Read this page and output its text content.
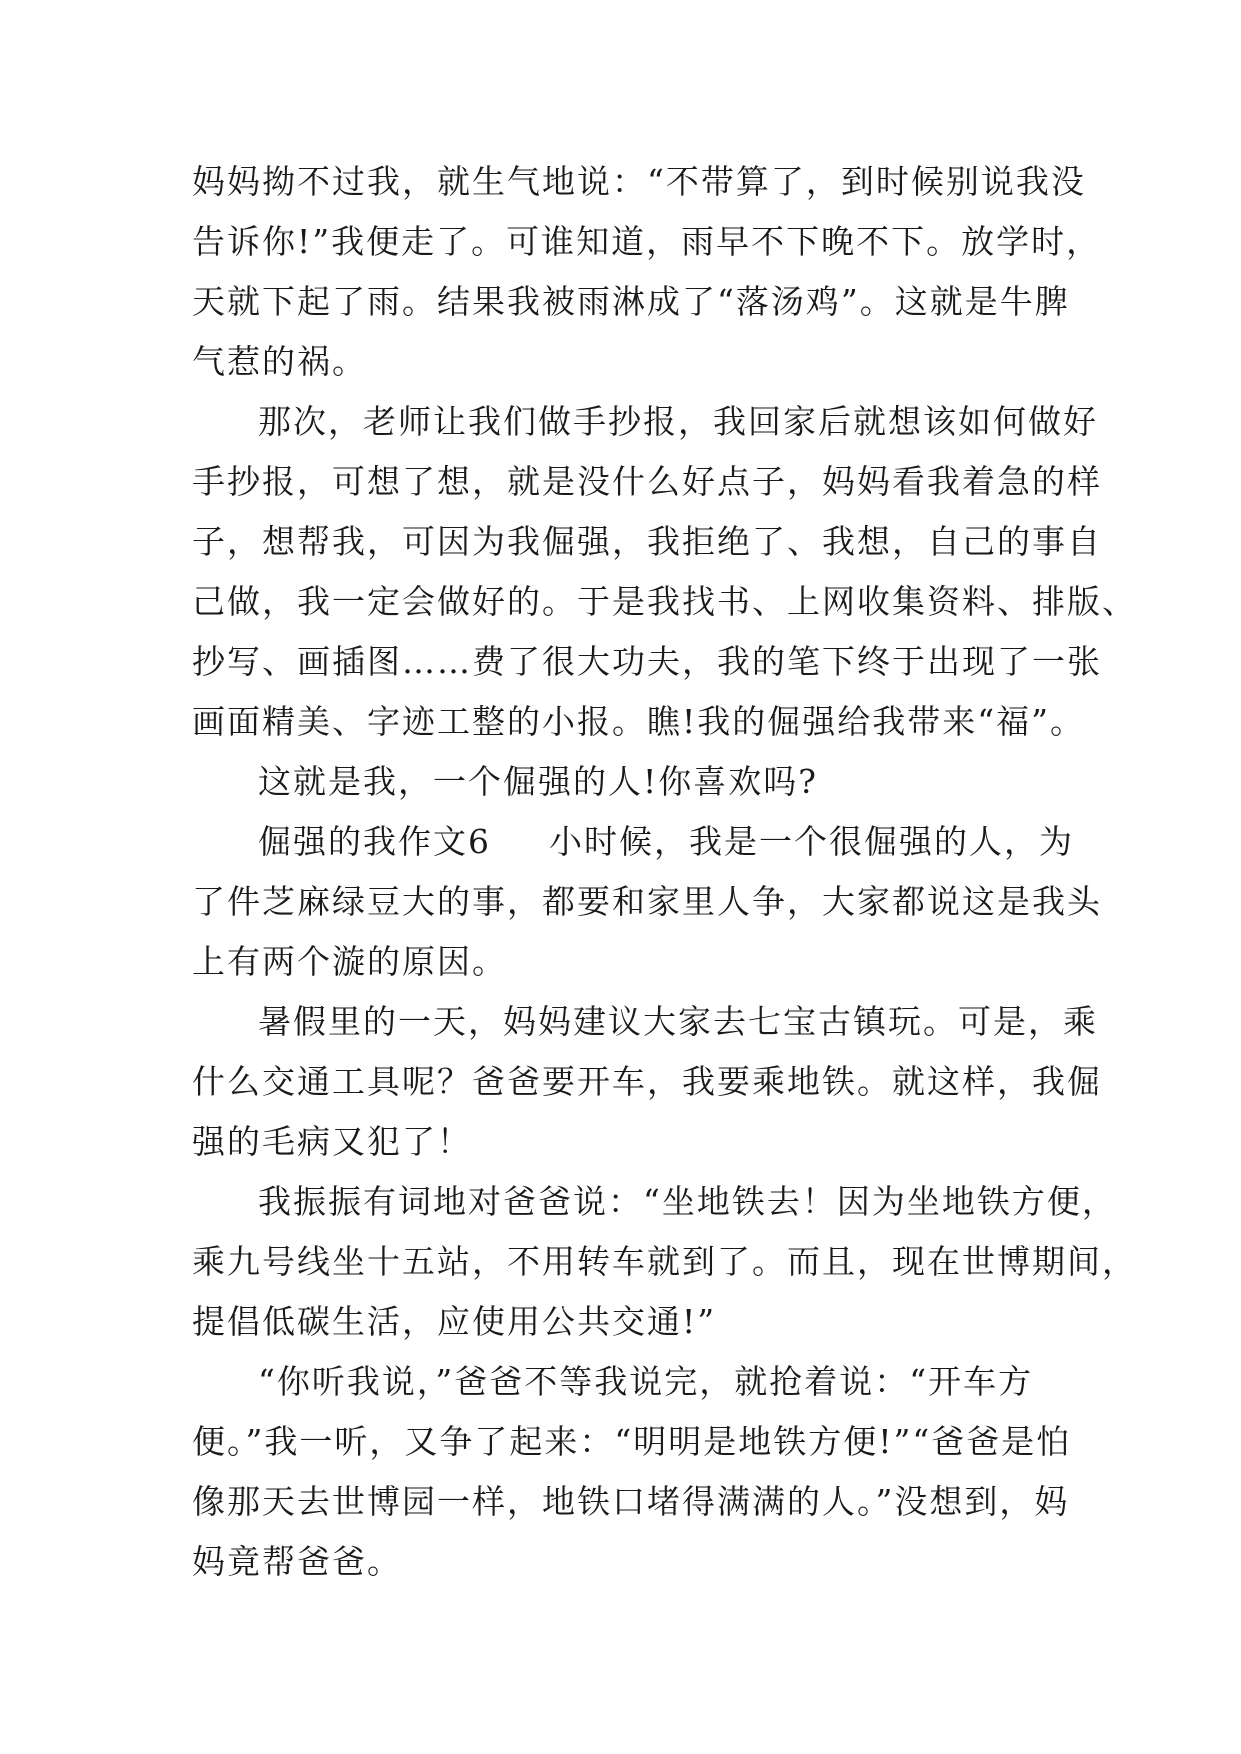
妈妈拗不过我，就生气地说：“不带算了，到时候别说我没
告诉你!”我便走了。可谁知道，雨早不下晚不下。放学时，
天就下起了雨。结果我被雨淋成了“落汤鸡”。这就是牛脾
气惹的祸。
那次，老师让我们做手抄报，我回家后就想该如何做好
手抄报，可想了想，就是没什么好点子，妈妈看我着急的样
子，想帮我，可因为我倔强，我拒绝了、我想，自己的事自
己做，我一定会做好的。于是我找书、上网收集资料、排版、
抄写、画插图……费了很大功夫，我的笔下终于出现了一张
画面精美、字迹工整的小报。瞧!我的倔强给我带来“福”。
这就是我，一个倔强的人!你喜欢吗?
倔强的我作文6 小时候，我是一个很倔强的人，为
了件芝麻绿豆大的事，都要和家里人争，大家都说这是我头
上有两个漩的原因。
暑假里的一天，妈妈建议大家去七宝古镇玩。可是，乘
什么交通工具呢？爸爸要开车，我要乘地铁。就这样，我倔
强的毛病又犯了！
我振振有词地对爸爸说：“坐地铁去！因为坐地铁方便，
乘九号线坐十五站，不用转车就到了。而且，现在世博期间，
提倡低碳生活，应使用公共交通!”
“你听我说，”爸爸不等我说完，就抢着说：“开车方
便。”我一听，又争了起来：“明明是地铁方便!”“爸爸是怕
像那天去世博园一样，地铁口堵得满满的人。”没想到，妈
妈竟帮爸爸。
